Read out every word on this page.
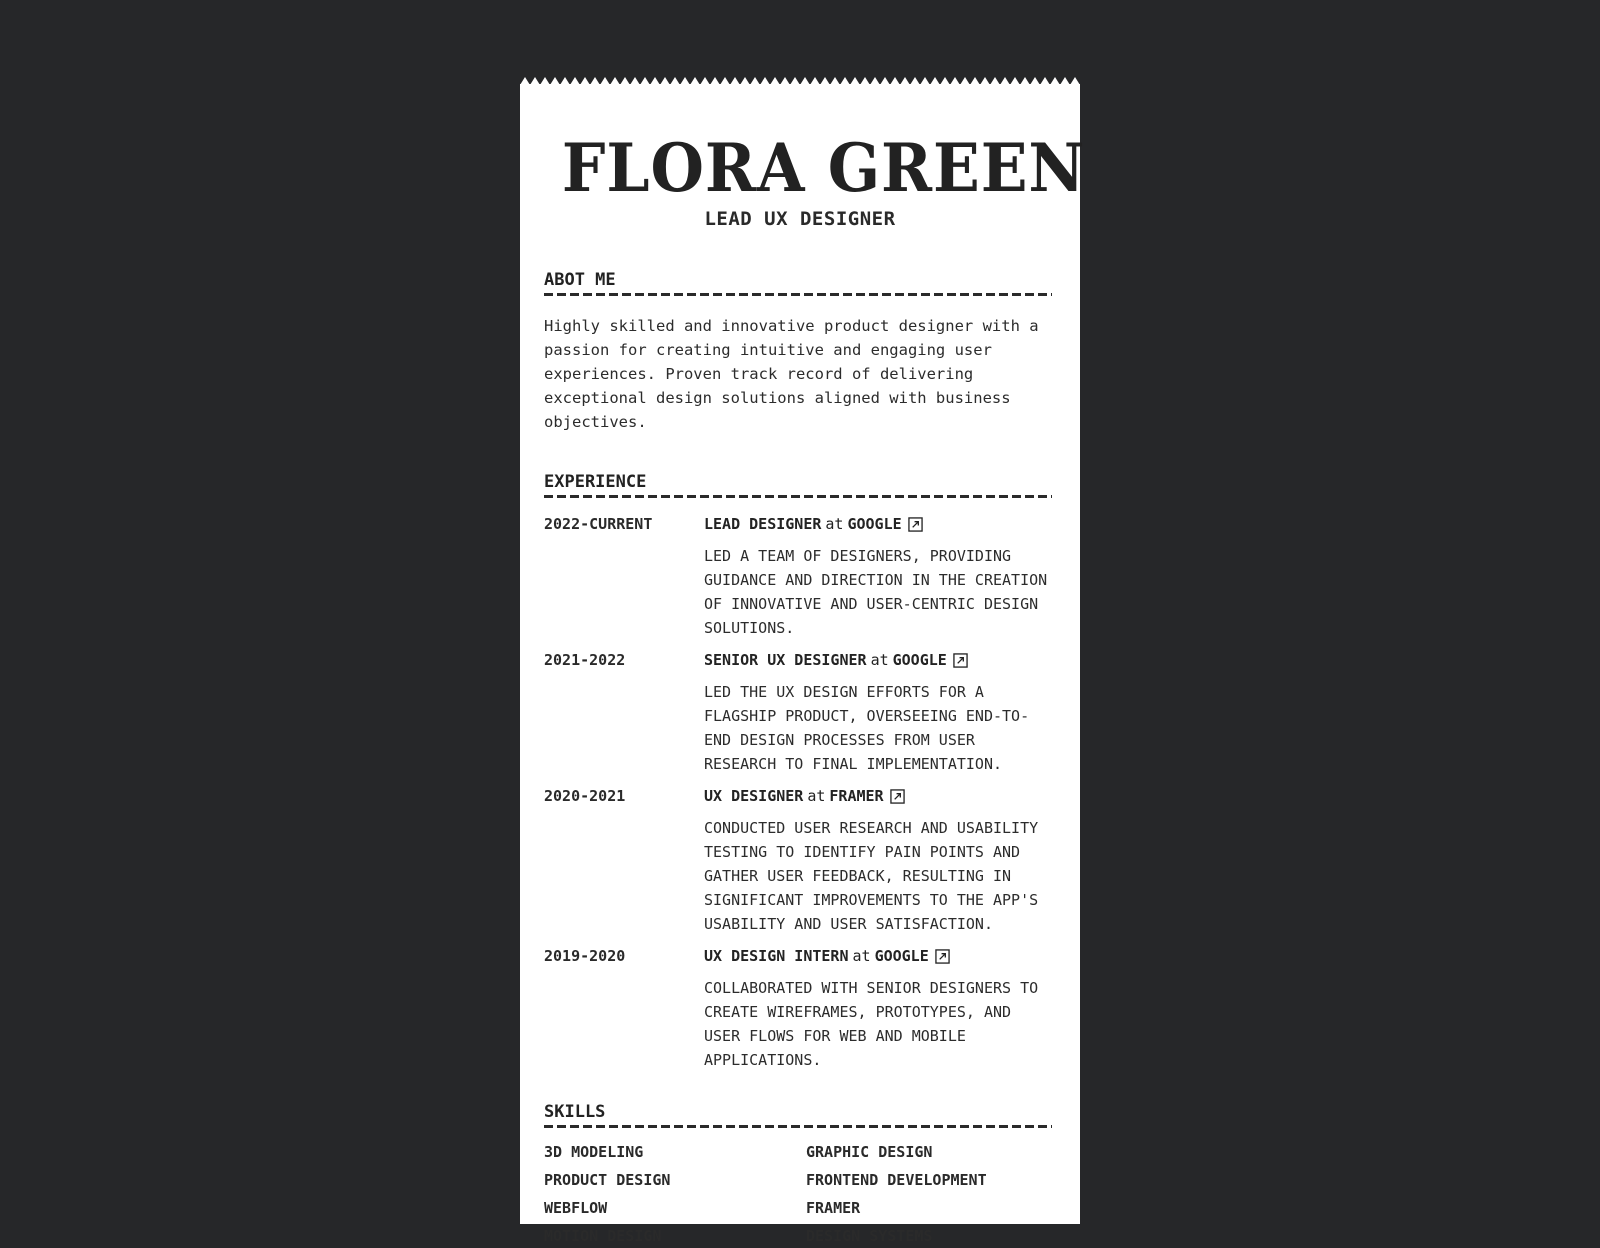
FLORA GREEN
LEAD UX DESIGNER
ABOT ME
Highly skilled and innovative product designer with a passion for creating intuitive and engaging user experiences. Proven track record of delivering exceptional design solutions aligned with business objectives.
EXPERIENCE
2022-CURRENT	LEAD DESIGNER at GOOGLE
LED A TEAM OF DESIGNERS, PROVIDING GUIDANCE AND DIRECTION IN THE CREATION OF INNOVATIVE AND USER-CENTRIC DESIGN SOLUTIONS.
2021-2022	SENIOR UX DESIGNER at GOOGLE
LED THE UX DESIGN EFFORTS FOR A FLAGSHIP PRODUCT, OVERSEEING END-TO-END DESIGN PROCESSES FROM USER RESEARCH TO FINAL IMPLEMENTATION.
2020-2021	UX DESIGNER at FRAMER
CONDUCTED USER RESEARCH AND USABILITY TESTING TO IDENTIFY PAIN POINTS AND GATHER USER FEEDBACK, RESULTING IN SIGNIFICANT IMPROVEMENTS TO THE APP'S USABILITY AND USER SATISFACTION.
2019-2020	UX DESIGN INTERN at GOOGLE
COLLABORATED WITH SENIOR DESIGNERS TO CREATE WIREFRAMES, PROTOTYPES, AND USER FLOWS FOR WEB AND MOBILE APPLICATIONS.
SKILLS
3D MODELING	GRAPHIC DESIGN
PRODUCT DESIGN	FRONTEND DEVELOPMENT
WEBFLOW	FRAMER
MOTION DESIGN	DESIGN SYSTEMS
